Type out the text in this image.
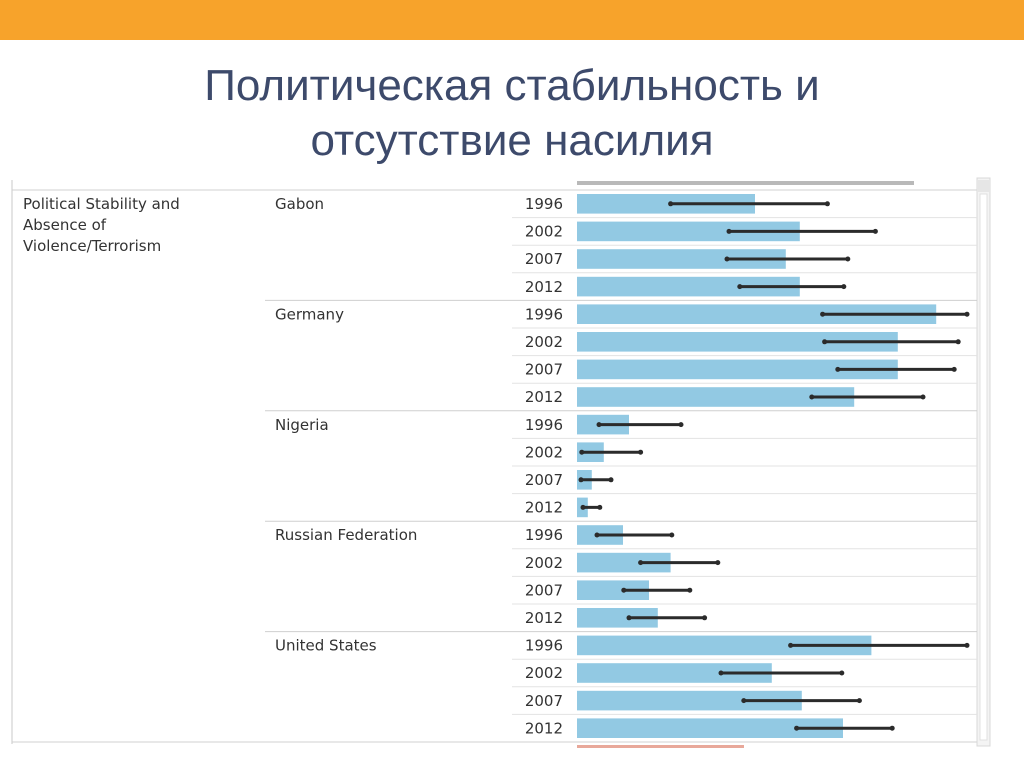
Политическая стабильность и
отсутствие насилия
Political Stability and
Absence of
Violence/Terrorism
Gabon	1996
2002
2007
2012
Germany	1996
2002
2007
2012
Nigeria	1996
2002
2007
2012
Russian Federation	1996
2002
2007
2012
United States	1996
2002
2007
2012
